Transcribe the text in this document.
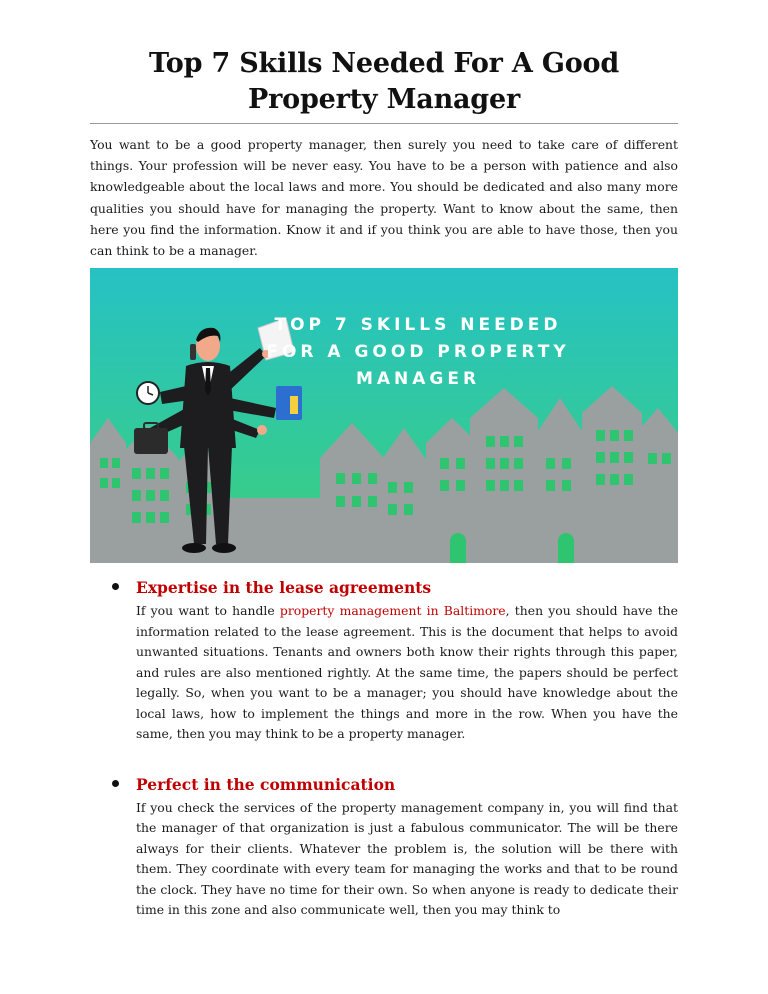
Top 7 Skills Needed For A Good Property Manager

You want to be a good property manager, then surely you need to take care of different things. Your profession will be never easy. You have to be a person with patience and also knowledgeable about the local laws and more. You should be dedicated and also many more qualities you should have for managing the property. Want to know about the same, then here you find the information. Know it and if you think you are able to have those, then you can think to be a manager.

TOP 7 SKILLS NEEDED
FOR A GOOD PROPERTY
MANAGER
Expertise in the lease agreements

If you want to handle property management in Baltimore, then you should have the information related to the lease agreement. This is the document that helps to avoid unwanted situations. Tenants and owners both know their rights through this paper, and rules are also mentioned rightly. At the same time, the papers should be perfect legally. So, when you want to be a manager; you should have knowledge about the local laws, how to implement the things and more in the row. When you have the same, then you may think to be a property manager.

Perfect in the communication

If you check the services of the property management company in, you will find that the manager of that organization is just a fabulous communicator. The will be there always for their clients. Whatever the problem is, the solution will be there with them. They coordinate with every team for managing the works and that to be round the clock. They have no time for their own. So when anyone is ready to dedicate their time in this zone and also communicate well, then you may think to
